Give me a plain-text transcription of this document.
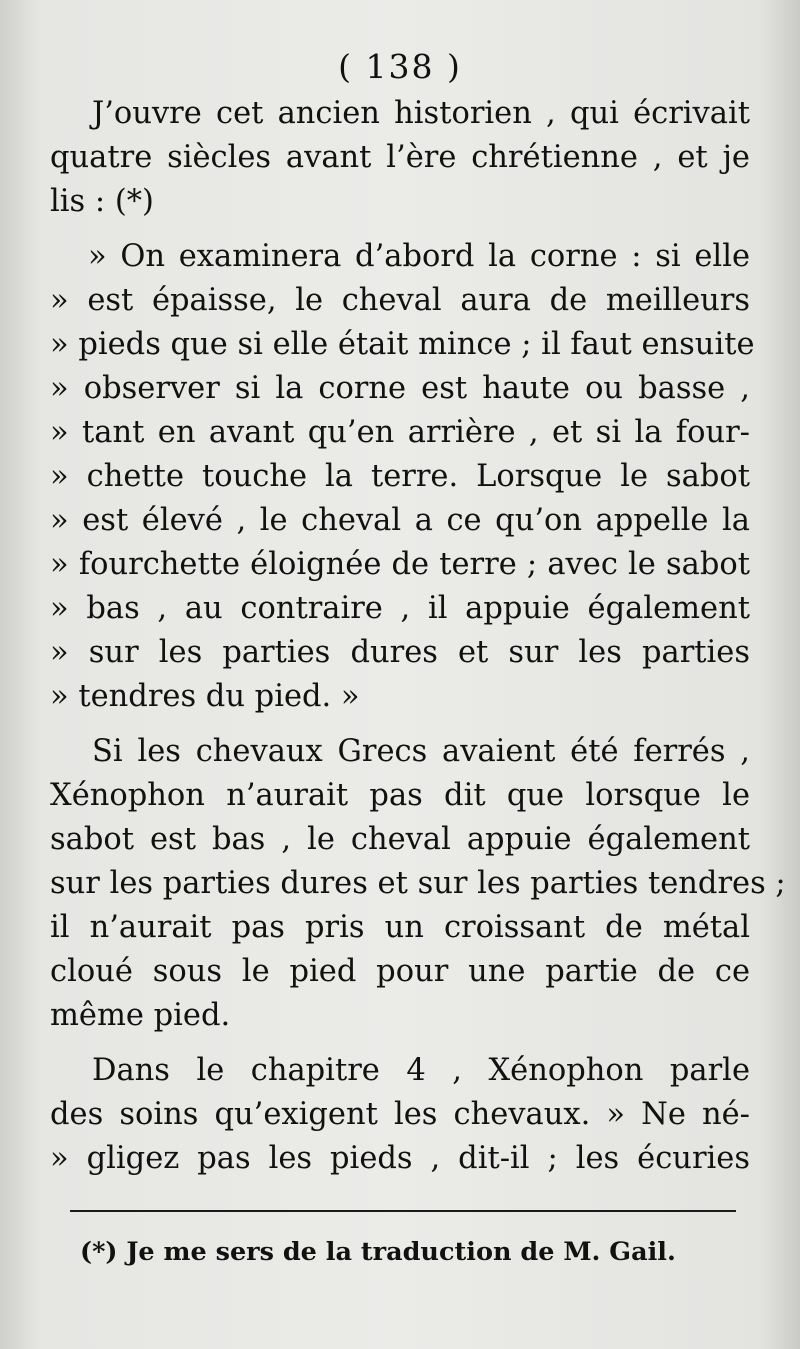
( 138 )
J’ouvre cet ancien historien , qui écrivait
quatre siècles avant l’ère chrétienne , et je
lis : (*)
» On examinera d’abord la corne : si elle
» est épaisse, le cheval aura de meilleurs
» pieds que si elle était mince ; il faut ensuite
» observer si la corne est haute ou basse ,
» tant en avant qu’en arrière , et si la four-
» chette touche la terre. Lorsque le sabot
» est élevé , le cheval a ce qu’on appelle la
» fourchette éloignée de terre ; avec le sabot
» bas , au contraire , il appuie également
» sur les parties dures et sur les parties
» tendres du pied. »
Si les chevaux Grecs avaient été ferrés ,
Xénophon n’aurait pas dit que lorsque le
sabot est bas , le cheval appuie également
sur les parties dures et sur les parties tendres ;
il n’aurait pas pris un croissant de métal
cloué sous le pied pour une partie de ce
même pied.
Dans le chapitre 4 , Xénophon parle
des soins qu’exigent les chevaux. » Ne né-
» gligez pas les pieds , dit-il ; les écuries
(*) Je me sers de la traduction de M. Gail.
